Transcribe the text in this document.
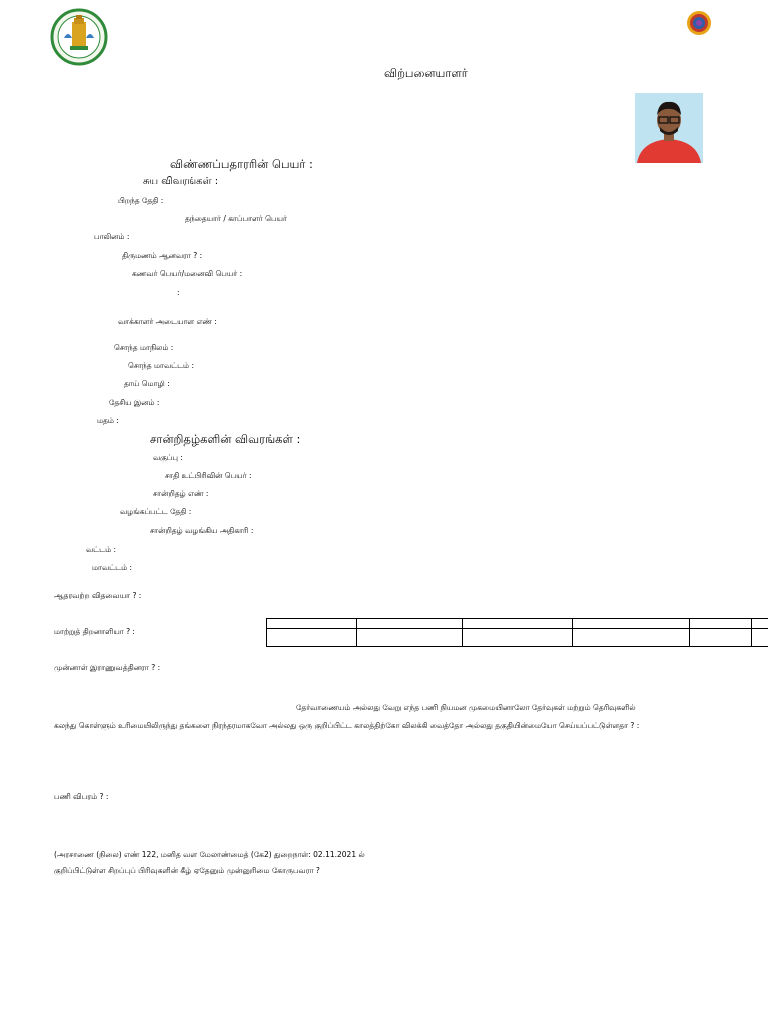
விற்பனையாளர்
விண்ணப்பதாரரின் பெயர் :
சுய விவரங்கள் :
பிறந்த தேதி :
தந்தையார் / காப்பாளர் பெயர்
பாலினம் :
திருமணம் ஆனவரா ? :
கணவர் பெயர்/மனைவி பெயர் :
:
வாக்காளர் அடையாள எண் :
சொந்த மாநிலம் :
சொந்த மாவட்டம் :
தாய் மொழி :
தேசிய இனம் :
மதம் :
சான்றிதழ்களின் விவரங்கள் :
வகுப்பு :
சாதி உட்பிரிவின் பெயர் :
சான்றிதழ் எண் :
வழங்கப்பட்ட தேதி :
சான்றிதழ் வழங்கிய அதிகாரி :
வட்டம் :
மாவட்டம் :
ஆதரவற்ற விதவையா ? :
மாற்றுத் திறனாளியா ? :

முன்னாள் இராணுவத்தினரா ? :
தேர்வாணையம் அல்லது வேறு எந்த பணி நியமன முகமையினாலோ தேர்வுகள் மற்றும் தெரிவுகளில்
கலந்து கொள்ளும் உரிமையிலிருந்து தங்களை நிரந்தரமாகவோ அல்லது ஒரு குறிப்பிட்ட காலத்திற்கோ விலக்கி வைத்தோ அல்லது தகுதியின்மையோ செய்யப்பட்டுள்ளதா ? :
பணி விபரம் ? :
(அரசாணை (நிலை) எண் 122, மனித வள மேலாண்மைத் (கே2) துறைநாள்: 02.11.2021 ல்
குறிப்பிட்டுள்ள சிறப்புப் பிரிவுகளின் கீழ் ஏதேனும் முன்னுரிமை கோருபவரா ?
